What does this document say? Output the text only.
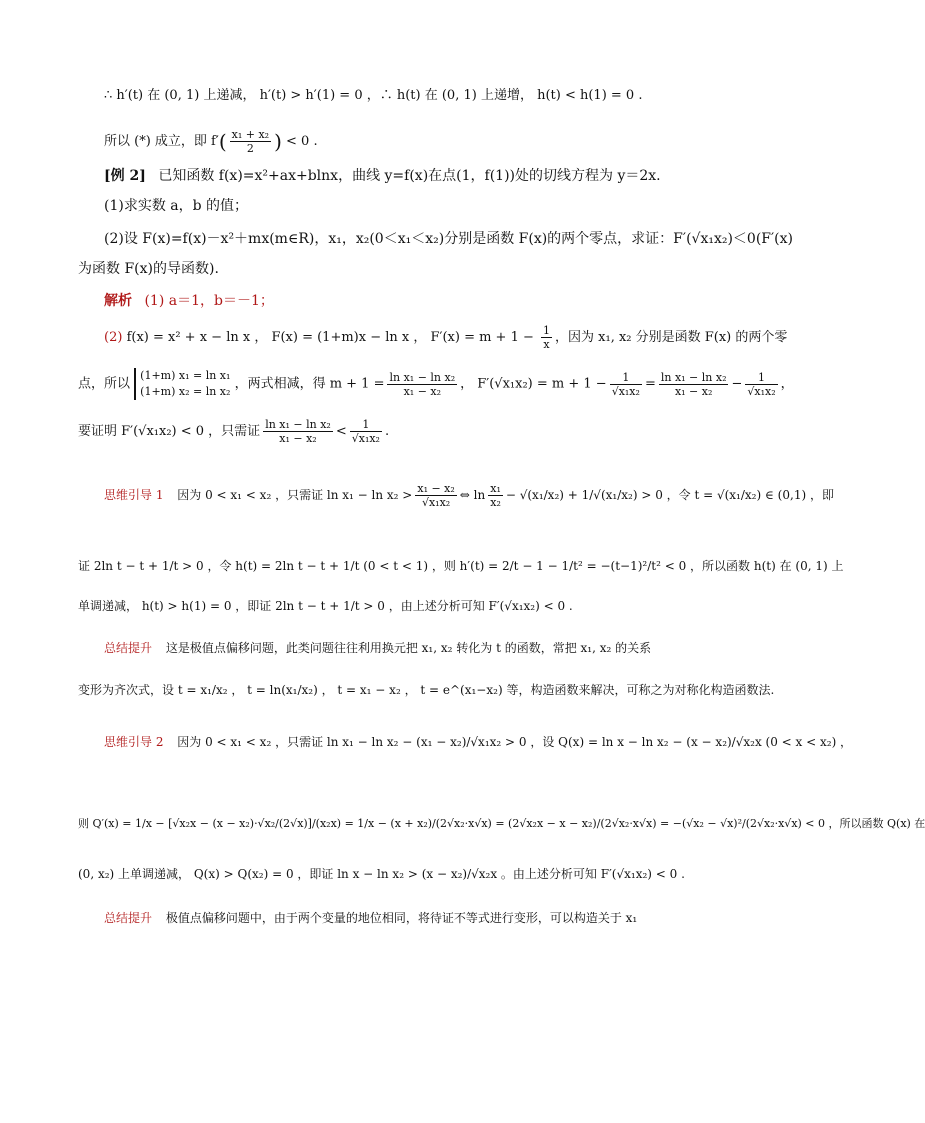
∴ h′(t) 在 (0, 1) 上递减， h′(t) > h′(1) = 0 ，∴ h(t) 在 (0, 1) 上递增， h(t) < h(1) = 0 .
所以 (*) 成立，即 $f'( \frac{\text{x₁ + x₂}}{2}$ ) < 0 .
[例 2] 已知函数 f(x)=x²+ax+blnx，曲线 y=f(x)在点(1，f(1))处的切线方程为 y＝2x.
(1)求实数 a，b 的值；
(2)设 F(x)=f(x)－x²＋mx(m∈R)，x₁，x₂(0＜x₁＜x₂)分别是函数 F(x)的两个零点，求证：F′(√x₁x₂)＜0(F′(x)
为函数 F(x)的导函数).
解析 (1) a＝1，b＝－1；
(2) f(x) = x² + x − ln x ， F(x) = (1+m)x − ln x ， $F'(x) = m + 1 - \frac{1}{x}$ ，因为 x₁, x₂ 分别是函数 F(x) 的两个零
点，所以
(1+m) x₁ = ln x₁
(1+m) x₂ = ln x₂ ，两式相减，得 $m + 1 = \frac{\text{ln x₁ − ln x₂}}{\text{x₁ − x₂}}$ ， $F'(√x_1x_2) = m + 1 - \frac{1}{\text{√x₁x₂}} = \frac{\text{ln x₁ − ln x₂}}{\text{x₁ − x₂}} - \frac{1}{\text{√x₁x₂}}$ ，
要证明 F′(√x₁x₂) < 0 ，只需证 $\frac{\text{ln x₁ − ln x₂}}{\text{x₁ − x₂}} < \frac{1}{\text{√x₁x₂}}$ .
思维引导 1 因为 0 < x₁ < x₂ ，只需证 $\ln x_1 - \ln x_2 > \frac{\text{x₁ − x₂}}{\text{√x₁x₂}}$ ⇔ $\ln \frac{\text{x₁}}{\text{x₂}} - √(x_1/x_2) + 1/√(x_1/x_2) > 0$ ，令 t = √(x₁/x₂) ∈ (0,1) ，即
证 2ln t − t + 1/t > 0 ，令 h(t) = 2ln t − t + 1/t (0 < t < 1) ，则 h′(t) = 2/t − 1 − 1/t² = −(t−1)²/t² < 0 ，所以函数 h(t) 在 (0, 1) 上
单调递减， h(t) > h(1) = 0 ，即证 2ln t − t + 1/t > 0 ，由上述分析可知 F′(√x₁x₂) < 0 .
总结提升 这是极值点偏移问题，此类问题往往利用换元把 x₁, x₂ 转化为 t 的函数，常把 x₁, x₂ 的关系
变形为齐次式，设 t = x₁/x₂ ， t = ln(x₁/x₂) ， t = x₁ − x₂ ， t = e^(x₁−x₂) 等，构造函数来解决，可称之为对称化构造函数法.
思维引导 2 因为 0 < x₁ < x₂ ，只需证 ln x₁ − ln x₂ − (x₁ − x₂)/√x₁x₂ > 0 ，设 Q(x) = ln x − ln x₂ − (x − x₂)/√x₂x (0 < x < x₂) ，
则 Q′(x) = 1/x − [√x₂x − (x − x₂)·√x₂/(2√x)]/(x₂x) = 1/x − (x + x₂)/(2√x₂·x√x) = (2√x₂x − x − x₂)/(2√x₂·x√x) = −(√x₂ − √x)²/(2√x₂·x√x) < 0 ，所以函数 Q(x) 在
(0, x₂) 上单调递减， Q(x) > Q(x₂) = 0 ，即证 ln x − ln x₂ > (x − x₂)/√x₂x 。由上述分析可知 F′(√x₁x₂) < 0 .
总结提升 极值点偏移问题中，由于两个变量的地位相同，将待证不等式进行变形，可以构造关于 x₁
